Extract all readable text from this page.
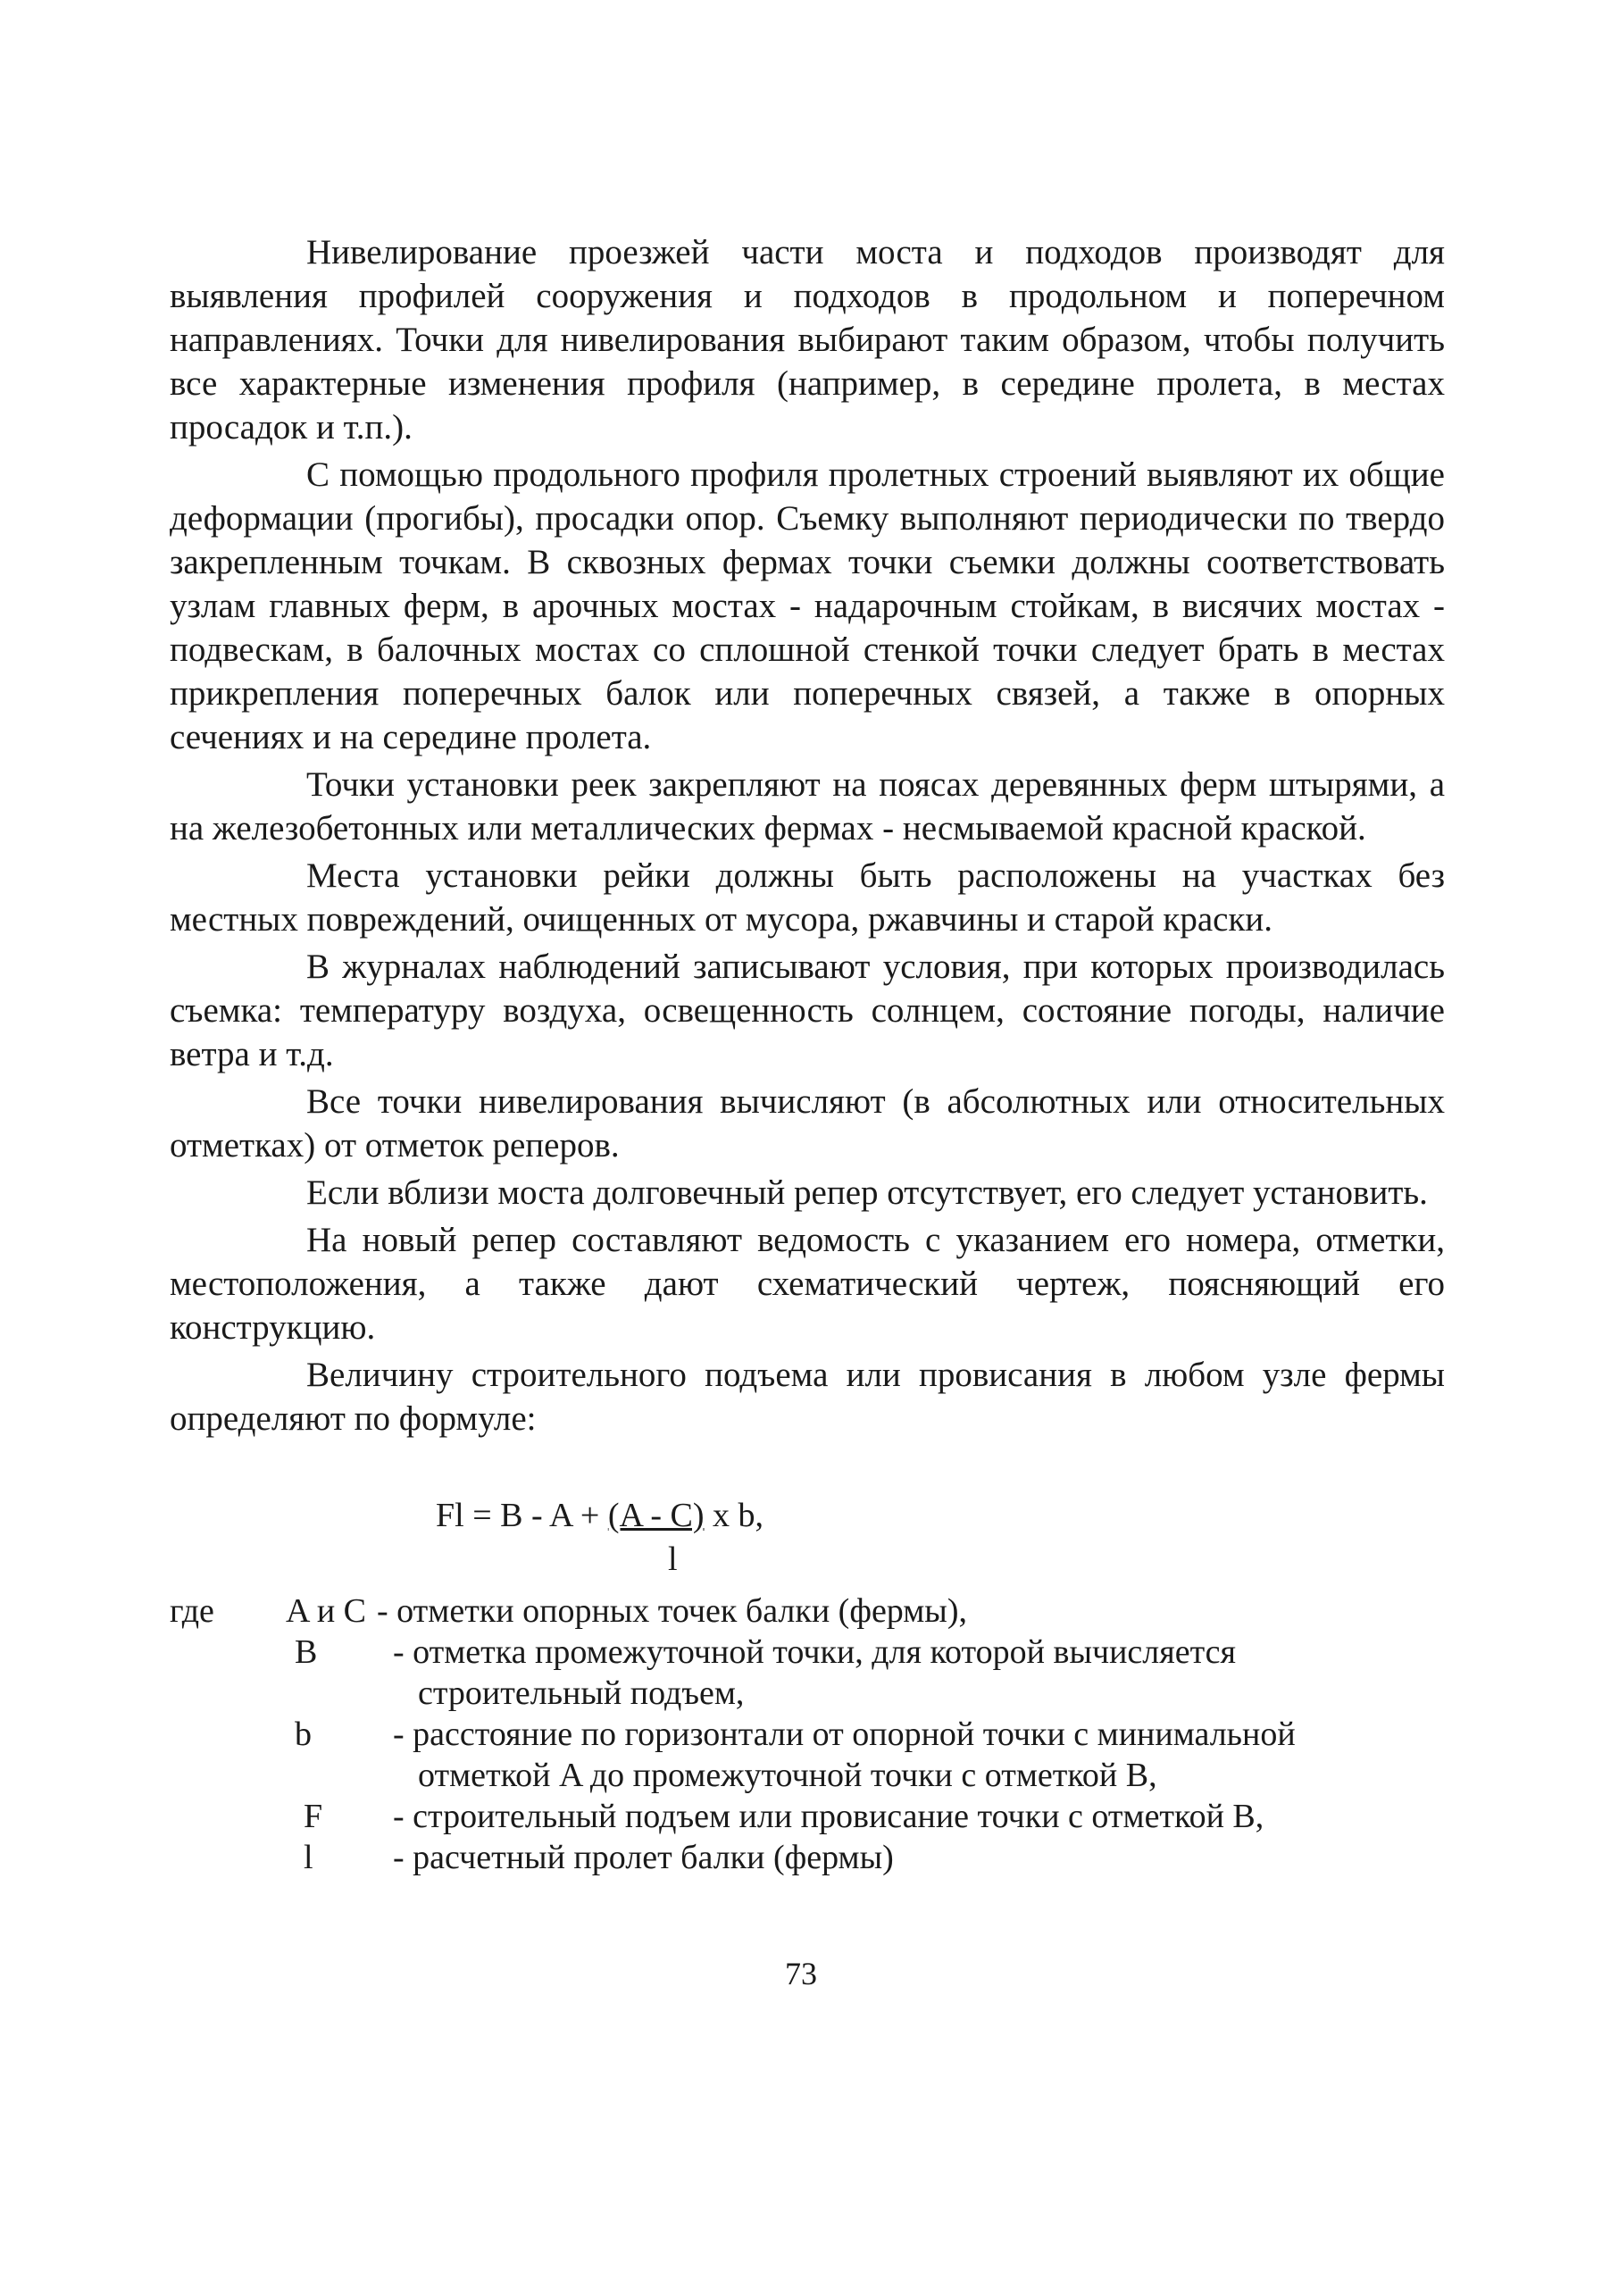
Нивелирование проезжей части моста и подходов производят для выявления профилей сооружения и подходов в продольном и поперечном направлениях. Точки для нивелирования выбирают таким образом, чтобы получить все характерные изменения профиля (например, в середине пролета, в местах просадок и т.п.).

С помощью продольного профиля пролетных строений выявляют их общие деформации (прогибы), просадки опор. Съемку выполняют периодически по твердо закрепленным точкам. В сквозных фермах точки съемки должны соответствовать узлам главных ферм, в арочных мостах - надарочным стойкам, в висячих мостах - подвескам, в балочных мостах со сплошной стенкой точки следует брать в местах прикрепления поперечных балок или поперечных связей, а также в опорных сечениях и на середине пролета.

Точки установки реек закрепляют на поясах деревянных ферм штырями, а на железобетонных или металлических фермах - несмываемой красной краской.

Места установки рейки должны быть расположены на участках без местных повреждений, очищенных от мусора, ржавчины и старой краски.

В журналах наблюдений записывают условия, при которых производилась съемка: температуру воздуха, освещенность солнцем, состояние погоды, наличие ветра и т.д.

Все точки нивелирования вычисляют (в абсолютных или относительных отметках) от отметок реперов.

Если вблизи моста долговечный репер отсутствует, его следует установить.

На новый репер составляют ведомость с указанием его номера, отметки, местоположения, а также дают схематический чертеж, поясняющий его конструкцию.

Величину строительного подъема или провисания в любом узле фермы определяют по формуле:

Fl = B - A + (A - C) x b,
l
где A и C - отметки опорных точек балки (фермы),
B	- отметка промежуточной точки, для которой вычисляется
строительный подъем,
b	- расстояние по горизонтали от опорной точки с минимальной
отметкой A до промежуточной точки с отметкой B,
F	- строительный подъем или провисание точки с отметкой B,
l	- расчетный пролет балки (фермы)
73
